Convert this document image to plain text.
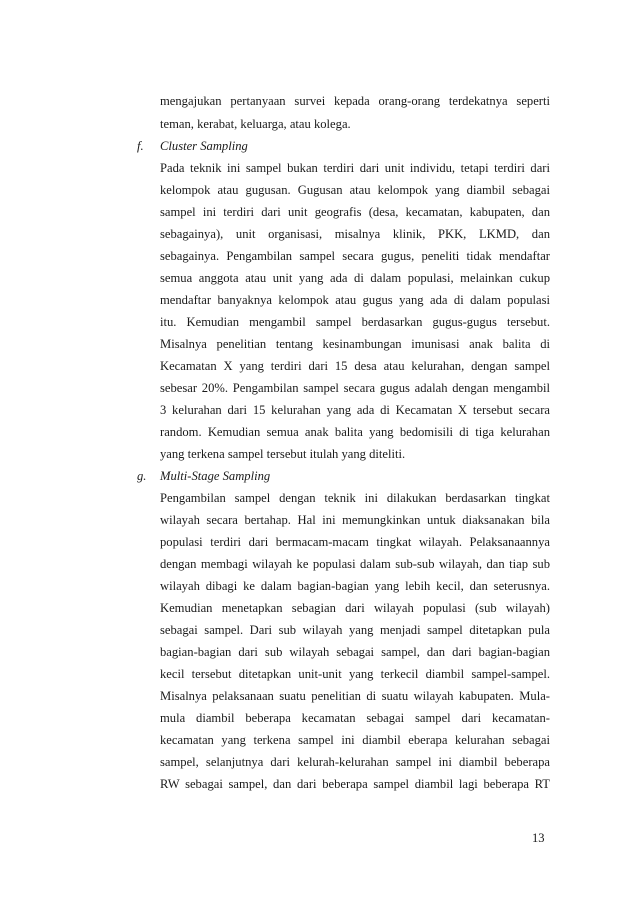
mengajukan pertanyaan survei kepada orang-orang terdekatnya seperti
teman, kerabat, keluarga, atau kolega.
f. Cluster Sampling
Pada teknik ini sampel bukan terdiri dari unit individu, tetapi terdiri dari
kelompok atau gugusan. Gugusan atau kelompok yang diambil sebagai
sampel ini terdiri dari unit geografis (desa, kecamatan, kabupaten, dan
sebagainya), unit organisasi, misalnya klinik, PKK, LKMD, dan
sebagainya. Pengambilan sampel secara gugus, peneliti tidak mendaftar
semua anggota atau unit yang ada di dalam populasi, melainkan cukup
mendaftar banyaknya kelompok atau gugus yang ada di dalam populasi
itu. Kemudian mengambil sampel berdasarkan gugus-gugus tersebut.
Misalnya penelitian tentang kesinambungan imunisasi anak balita di
Kecamatan X yang terdiri dari 15 desa atau kelurahan, dengan sampel
sebesar 20%. Pengambilan sampel secara gugus adalah dengan mengambil
3 kelurahan dari 15 kelurahan yang ada di Kecamatan X tersebut secara
random. Kemudian semua anak balita yang bedomisili di tiga kelurahan
yang terkena sampel tersebut itulah yang diteliti.
g. Multi-Stage Sampling
Pengambilan sampel dengan teknik ini dilakukan berdasarkan tingkat
wilayah secara bertahap. Hal ini memungkinkan untuk diaksanakan bila
populasi terdiri dari bermacam-macam tingkat wilayah. Pelaksanaannya
dengan membagi wilayah ke populasi dalam sub-sub wilayah, dan tiap sub
wilayah dibagi ke dalam bagian-bagian yang lebih kecil, dan seterusnya.
Kemudian menetapkan sebagian dari wilayah populasi (sub wilayah)
sebagai sampel. Dari sub wilayah yang menjadi sampel ditetapkan pula
bagian-bagian dari sub wilayah sebagai sampel, dan dari bagian-bagian
kecil tersebut ditetapkan unit-unit yang terkecil diambil sampel-sampel.
Misalnya pelaksanaan suatu penelitian di suatu wilayah kabupaten. Mula-
mula diambil beberapa kecamatan sebagai sampel dari kecamatan-
kecamatan yang terkena sampel ini diambil eberapa kelurahan sebagai
sampel, selanjutnya dari kelurah-kelurahan sampel ini diambil beberapa
RW sebagai sampel, dan dari beberapa sampel diambil lagi beberapa RT
13
